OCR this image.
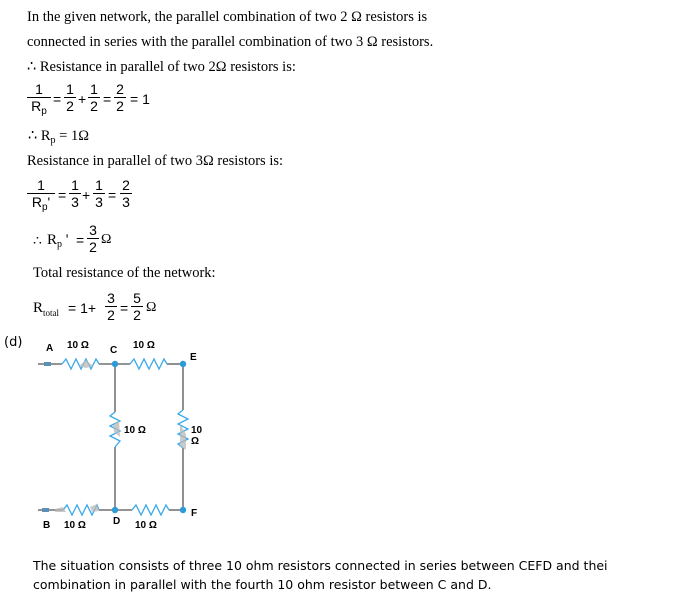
In the given network, the parallel combination of two 2 Ω resistors is
connected in series with the parallel combination of two 3 Ω resistors.
∴ Resistance in parallel of two 2Ω resistors is:
1
$R_p$
=
1
2 +
1
2 =
2
2 = 1
∴ $R_p = 1\Omega$
Resistance in parallel of two 3Ω resistors is:
1
$R_p'$ =
1
3 +
1
3 =
2
3
∴ $R_p$ ' =
3
2 Ω
Total resistance of the network:
$R_{total} = 1+$
3
2 =
5
2 Ω
(d) A	C
E
B	D
F
10 Ω	10 Ω
10 Ω	10 Ω
10 Ω	10 Ω
The situation consists of three 10 ohm resistors connected in series between CEFD and thei
combination in parallel with the fourth 10 ohm resistor between C and D.
